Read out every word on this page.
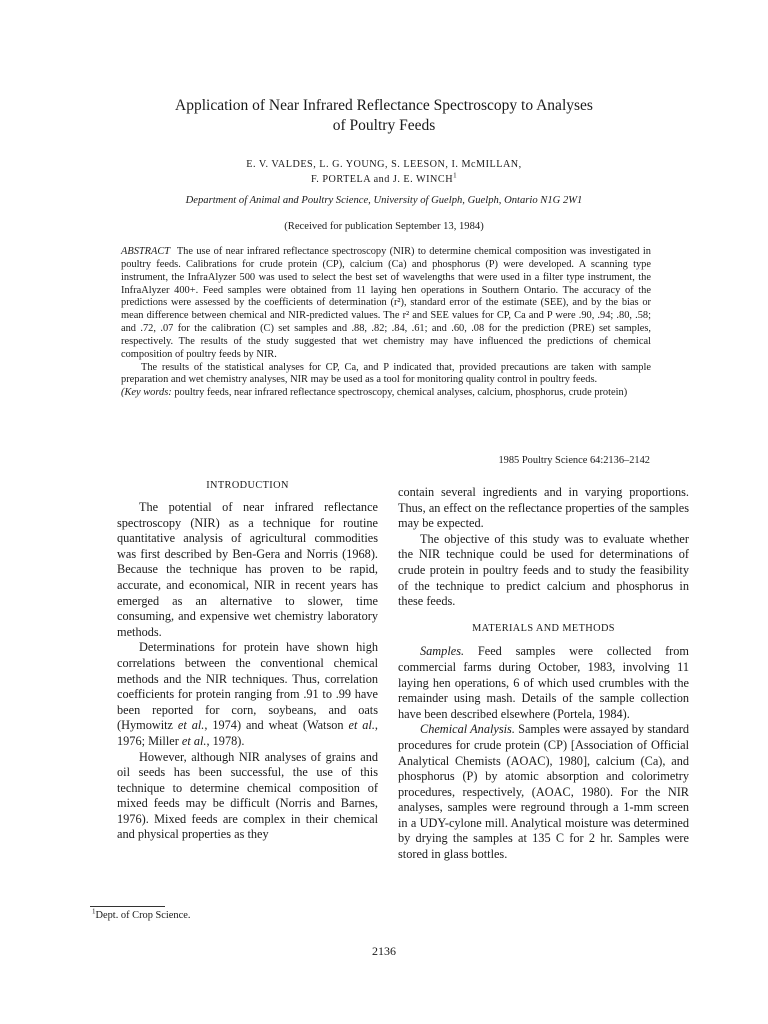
Application of Near Infrared Reflectance Spectroscopy to Analyses
of Poultry Feeds
E. V. VALDES, L. G. YOUNG, S. LEESON, I. McMILLAN,
F. PORTELA and J. E. WINCH$^1$
Department of Animal and Poultry Science, University of Guelph, Guelph, Ontario N1G 2W1
(Received for publication September 13, 1984)

ABSTRACT The use of near infrared reflectance spectroscopy (NIR) to determine chemical composition was investigated in poultry feeds. Calibrations for crude protein (CP), calcium (Ca) and phosphorus (P) were developed. A scanning type instrument, the InfraAlyzer 500 was used to select the best set of wavelengths that were used in a filter type instrument, the InfraAlyzer 400+. Feed samples were obtained from 11 laying hen operations in Southern Ontario. The accuracy of the predictions were assessed by the coefficients of determination (r²), standard error of the estimate (SEE), and by the bias or mean difference between chemical and NIR-predicted values. The r² and SEE values for CP, Ca and P were .90, .94; .80, .58; and .72, .07 for the calibration (C) set samples and .88, .82; .84, .61; and .60, .08 for the prediction (PRE) set samples, respectively. The results of the study suggested that wet chemistry may have influenced the predictions of chemical composition of poultry feeds by NIR.

The results of the statistical analyses for CP, Ca, and P indicated that, provided precautions are taken with sample preparation and wet chemistry analyses, NIR may be used as a tool for monitoring quality control in poultry feeds.

(Key words: poultry feeds, near infrared reflectance spectroscopy, chemical analyses, calcium, phosphorus, crude protein)

1985 Poultry Science 64:2136–2142
INTRODUCTION

The potential of near infrared reflectance spectroscopy (NIR) as a technique for routine quantitative analysis of agricultural commodities was first described by Ben-Gera and Norris (1968). Because the technique has proven to be rapid, accurate, and economical, NIR in recent years has emerged as an alternative to slower, time consuming, and expensive wet chemistry laboratory methods.

Determinations for protein have shown high correlations between the conventional chemical methods and the NIR techniques. Thus, correlation coefficients for protein ranging from .91 to .99 have been reported for corn, soybeans, and oats (Hymowitz et al., 1974) and wheat (Watson et al., 1976; Miller et al., 1978).

However, although NIR analyses of grains and oil seeds has been successful, the use of this technique to determine chemical composition of mixed feeds may be difficult (Norris and Barnes, 1976). Mixed feeds are complex in their chemical and physical properties as they

contain several ingredients and in varying proportions. Thus, an effect on the reflectance properties of the samples may be expected.

The objective of this study was to evaluate whether the NIR technique could be used for determinations of crude protein in poultry feeds and to study the feasibility of the technique to predict calcium and phosphorus in these feeds.

MATERIALS AND METHODS

Samples. Feed samples were collected from commercial farms during October, 1983, involving 11 laying hen operations, 6 of which used crumbles with the remainder using mash. Details of the sample collection have been described elsewhere (Portela, 1984).

Chemical Analysis. Samples were assayed by standard procedures for crude protein (CP) [Association of Official Analytical Chemists (AOAC), 1980], calcium (Ca), and phosphorus (P) by atomic absorption and colorimetry procedures, respectively, (AOAC, 1980). For the NIR analyses, samples were reground through a 1-mm screen in a UDY-cylone mill. Analytical moisture was determined by drying the samples at 135 C for 2 hr. Samples were stored in glass bottles.

$^1$Dept. of Crop Science.
2136
